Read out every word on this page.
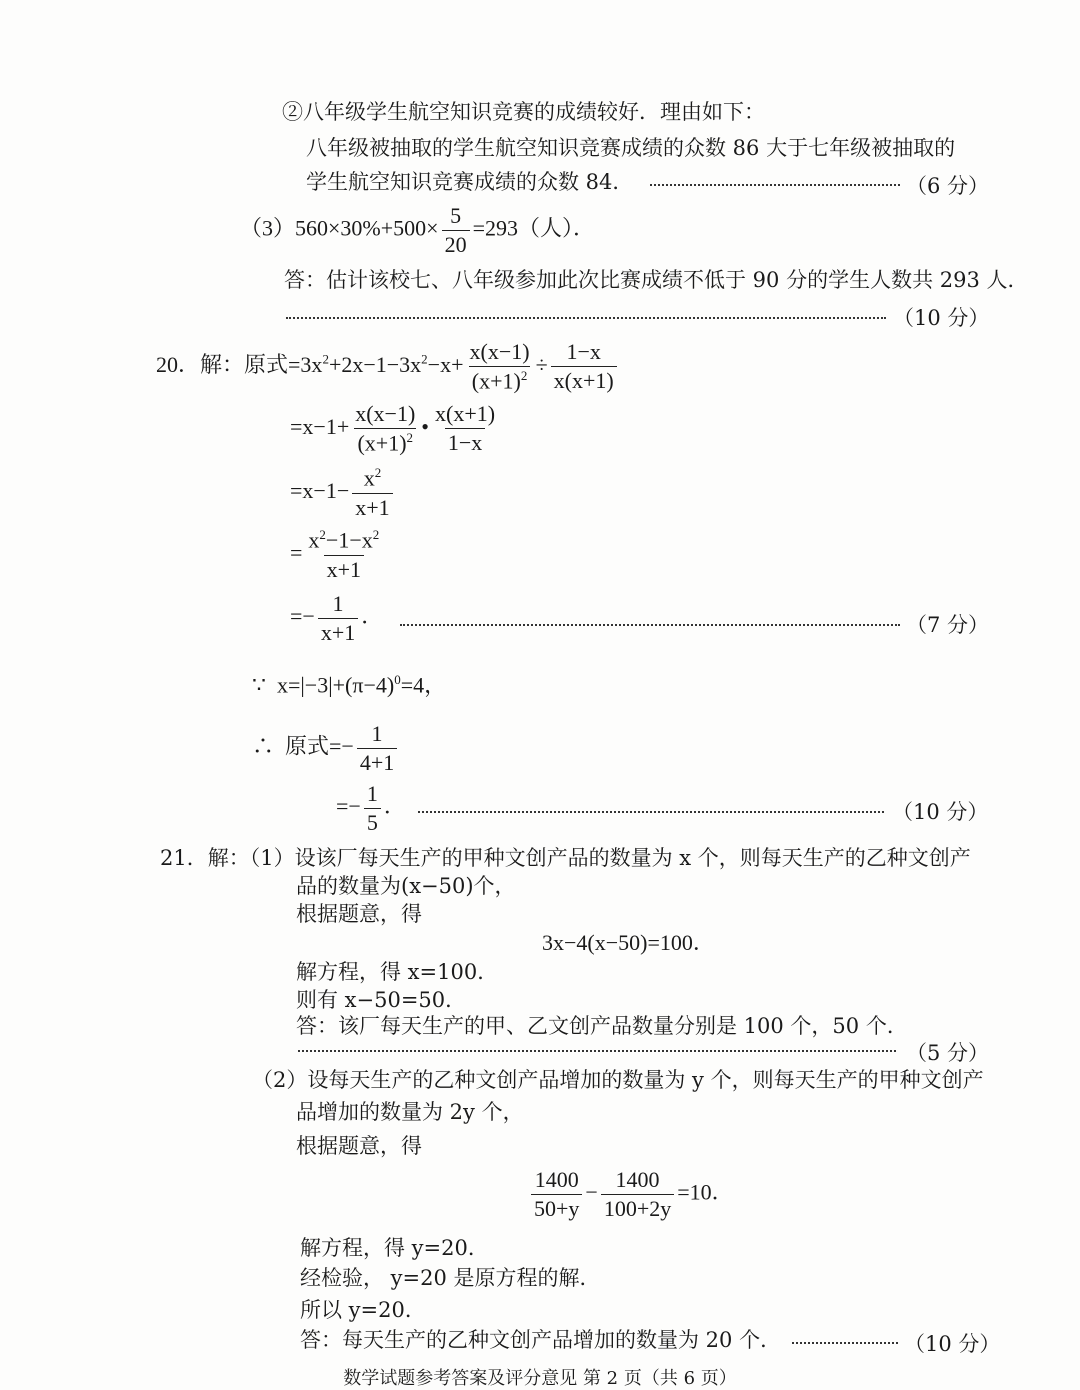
②八年级学生航空知识竞赛的成绩较好．理由如下：
八年级被抽取的学生航空知识竞赛成绩的众数 86 大于七年级被抽取的
学生航空知识竞赛成绩的众数 84．	（6 分）
$(3)560\times 30\%+500\times \frac{5}{20} =293$（人）．
答：估计该校七、八年级参加此次比赛成绩不低于 90 分的学生人数共 293 人．
（10 分）
20．解：原式$=3x^2+2x-1-3x^2-x+ \frac{x(x-1)}{(x+1)^2} \div \frac{1-x}{x(x+1)}$
$=x-1+ \frac{x(x-1)}{(x+1)^2}$ • $\frac{x(x+1)}{1-x}$
$=x-1- \frac{x^2}{x+1}$
= $\frac{x^2-1-x^2}{x+1}$
=− $\frac{1}{x+1}$ ．	（7 分）
∵ $x=|-3|+(\pi-4)^0=4$，
∴ 原式=− $\frac{1}{4+1}$
=− $\frac{1}{5}$ ．	（10 分）
21．解：（1）设该厂每天生产的甲种文创产品的数量为 x 个，则每天生产的乙种文创产
品的数量为(x−50)个，
根据题意，得
3x−4(x−50)=100．
解方程，得 x=100．
则有 x−50=50．
答：该厂每天生产的甲、乙文创产品数量分别是 100 个，50 个．
（5 分）
（2）设每天生产的乙种文创产品增加的数量为 y 个，则每天生产的甲种文创产
品增加的数量为 2y 个，
根据题意，得
$\frac{1400}{50+y} - \frac{1400}{100+2y} =10$．
解方程，得 y=20．
经检验， y=20 是原方程的解．
所以 y=20．
答：每天生产的乙种文创产品增加的数量为 20 个．	（10 分）
数学试题参考答案及评分意见 第 2 页（共 6 页）
